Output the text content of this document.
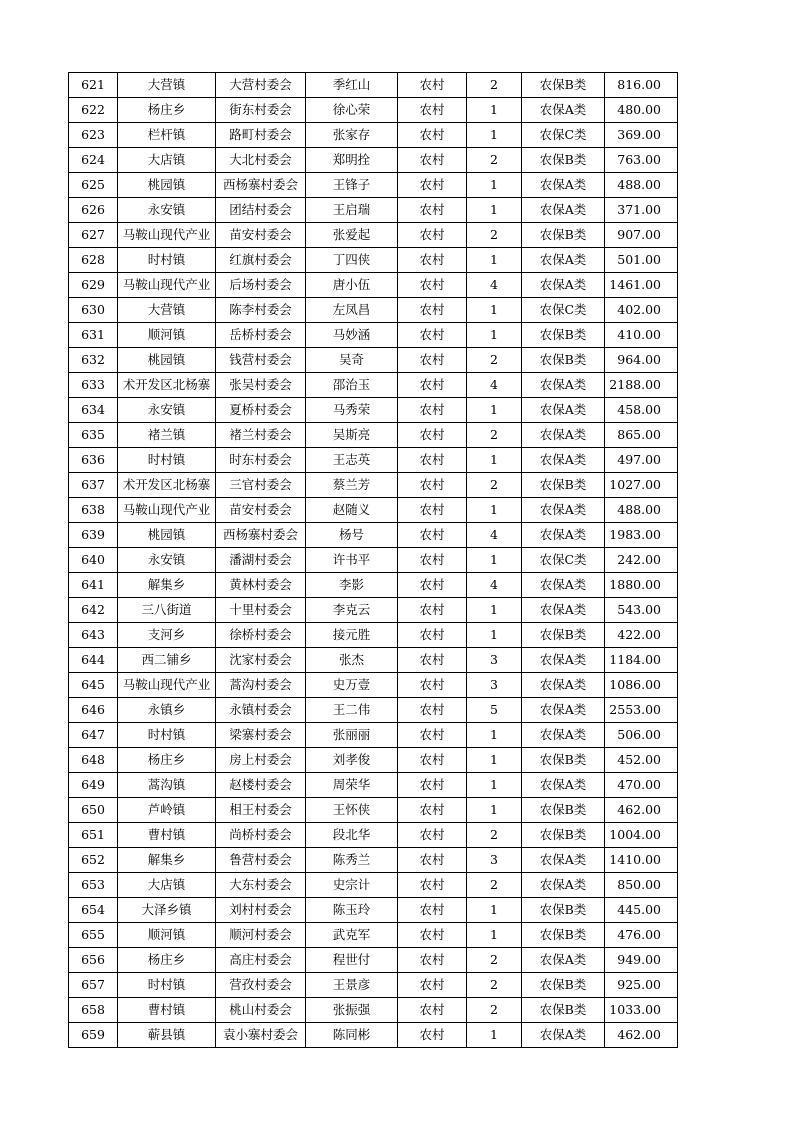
621	大营镇	大营村委会	季红山	农村	2	农保B类	816.00
622	杨庄乡	街东村委会	徐心荣	农村	1	农保A类	480.00
623	栏杆镇	路町村委会	张家存	农村	1	农保C类	369.00
624	大店镇	大北村委会	郑明拴	农村	2	农保B类	763.00
625	桃园镇	西杨寨村委会	王锋子	农村	1	农保A类	488.00
626	永安镇	团结村委会	王启瑞	农村	1	农保A类	371.00
627	马鞍山现代产业	苗安村委会	张爱起	农村	2	农保B类	907.00
628	时村镇	红旗村委会	丁四侠	农村	1	农保A类	501.00
629	马鞍山现代产业	后场村委会	唐小伍	农村	4	农保A类	1461.00
630	大营镇	陈李村委会	左凤昌	农村	1	农保C类	402.00
631	顺河镇	岳桥村委会	马妙涵	农村	1	农保B类	410.00
632	桃园镇	钱营村委会	吴奇	农村	2	农保B类	964.00
633	术开发区北杨寨	张吴村委会	邵治玉	农村	4	农保A类	2188.00
634	永安镇	夏桥村委会	马秀荣	农村	1	农保A类	458.00
635	褚兰镇	褚兰村委会	吴斯亮	农村	2	农保A类	865.00
636	时村镇	时东村委会	王志英	农村	1	农保A类	497.00
637	术开发区北杨寨	三官村委会	蔡兰芳	农村	2	农保B类	1027.00
638	马鞍山现代产业	苗安村委会	赵随义	农村	1	农保A类	488.00
639	桃园镇	西杨寨村委会	杨号	农村	4	农保A类	1983.00
640	永安镇	潘湖村委会	许书平	农村	1	农保C类	242.00
641	解集乡	黄林村委会	李影	农村	4	农保A类	1880.00
642	三八街道	十里村委会	李克云	农村	1	农保A类	543.00
643	支河乡	徐桥村委会	接元胜	农村	1	农保B类	422.00
644	西二铺乡	沈家村委会	张杰	农村	3	农保A类	1184.00
645	马鞍山现代产业	蒿沟村委会	史万壹	农村	3	农保A类	1086.00
646	永镇乡	永镇村委会	王二伟	农村	5	农保A类	2553.00
647	时村镇	梁寨村委会	张丽丽	农村	1	农保A类	506.00
648	杨庄乡	房上村委会	刘孝俊	农村	1	农保B类	452.00
649	蒿沟镇	赵楼村委会	周荣华	农村	1	农保A类	470.00
650	芦岭镇	相王村委会	王怀侠	农村	1	农保B类	462.00
651	曹村镇	尚桥村委会	段北华	农村	2	农保B类	1004.00
652	解集乡	鲁营村委会	陈秀兰	农村	3	农保A类	1410.00
653	大店镇	大东村委会	史宗计	农村	2	农保A类	850.00
654	大泽乡镇	刘村村委会	陈玉玲	农村	1	农保B类	445.00
655	顺河镇	顺河村委会	武克军	农村	1	农保B类	476.00
656	杨庄乡	高庄村委会	程世付	农村	2	农保A类	949.00
657	时村镇	营孜村委会	王景彦	农村	2	农保B类	925.00
658	曹村镇	桃山村委会	张振强	农村	2	农保B类	1033.00
659	蕲县镇	袁小寨村委会	陈同彬	农村	1	农保A类	462.00
